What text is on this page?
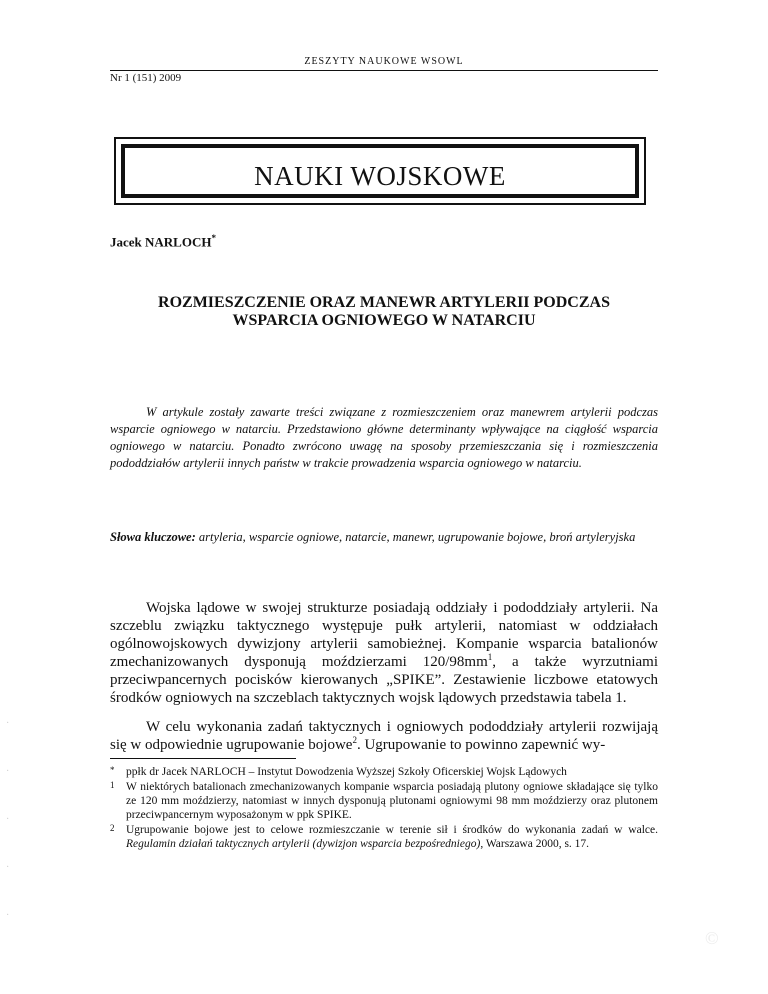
ZESZYTY NAUKOWE WSOWL
Nr 1 (151) 2009
NAUKI WOJSKOWE
Jacek NARLOCH*
ROZMIESZCZENIE ORAZ MANEWR ARTYLERII PODCZAS
WSPARCIA OGNIOWEGO W NATARCIU
W artykule zostały zawarte treści związane z rozmieszczeniem oraz manewrem artylerii podczas wsparcie ogniowego w natarciu. Przedstawiono główne determinanty wpływające na ciągłość wsparcia ogniowego w natarciu. Ponadto zwrócono uwagę na sposoby przemieszczania się i rozmieszczenia pododdziałów artylerii innych państw w trakcie prowadzenia wsparcia ogniowego w natarciu.
Słowa kluczowe: artyleria, wsparcie ogniowe, natarcie, manewr, ugrupowanie bojowe, broń artyleryjska
Wojska lądowe w swojej strukturze posiadają oddziały i pododdziały artylerii. Na szczeblu związku taktycznego występuje pułk artylerii, natomiast w oddziałach ogólnowojskowych dywizjony artylerii samobieżnej. Kompanie wsparcia batalionów zmechanizowanych dysponują moździerzami $120/98mm^1$, a także wyrzutniami przeciwpancernych pocisków kierowanych „SPIKE”. Zestawienie liczbowe etatowych środków ogniowych na szczeblach taktycznych wojsk lądowych przedstawia tabela 1.
W celu wykonania zadań taktycznych i ogniowych pododdziały artylerii rozwijają się w odpowiednie ugrupowanie bojowe$^2$. Ugrupowanie to powinno zapewnić wy-
* ppłk dr Jacek NARLOCH – Instytut Dowodzenia Wyższej Szkoły Oficerskiej Wojsk Lądowych
1 W niektórych batalionach zmechanizowanych kompanie wsparcia posiadają plutony ogniowe składające się tylko ze 120 mm moździerzy, natomiast w innych dysponują plutonami ogniowymi 98 mm moździerzy oraz plutonem przeciwpancernym wyposażonym w ppk SPIKE.
2 Ugrupowanie bojowe jest to celowe rozmieszczanie w terenie sił i środków do wykonania zadań w walce. Regulamin działań taktycznych artylerii (dywizjon wsparcia bezpośredniego), Warszawa 2000, s. 17.
·
·
·
·
·
©
